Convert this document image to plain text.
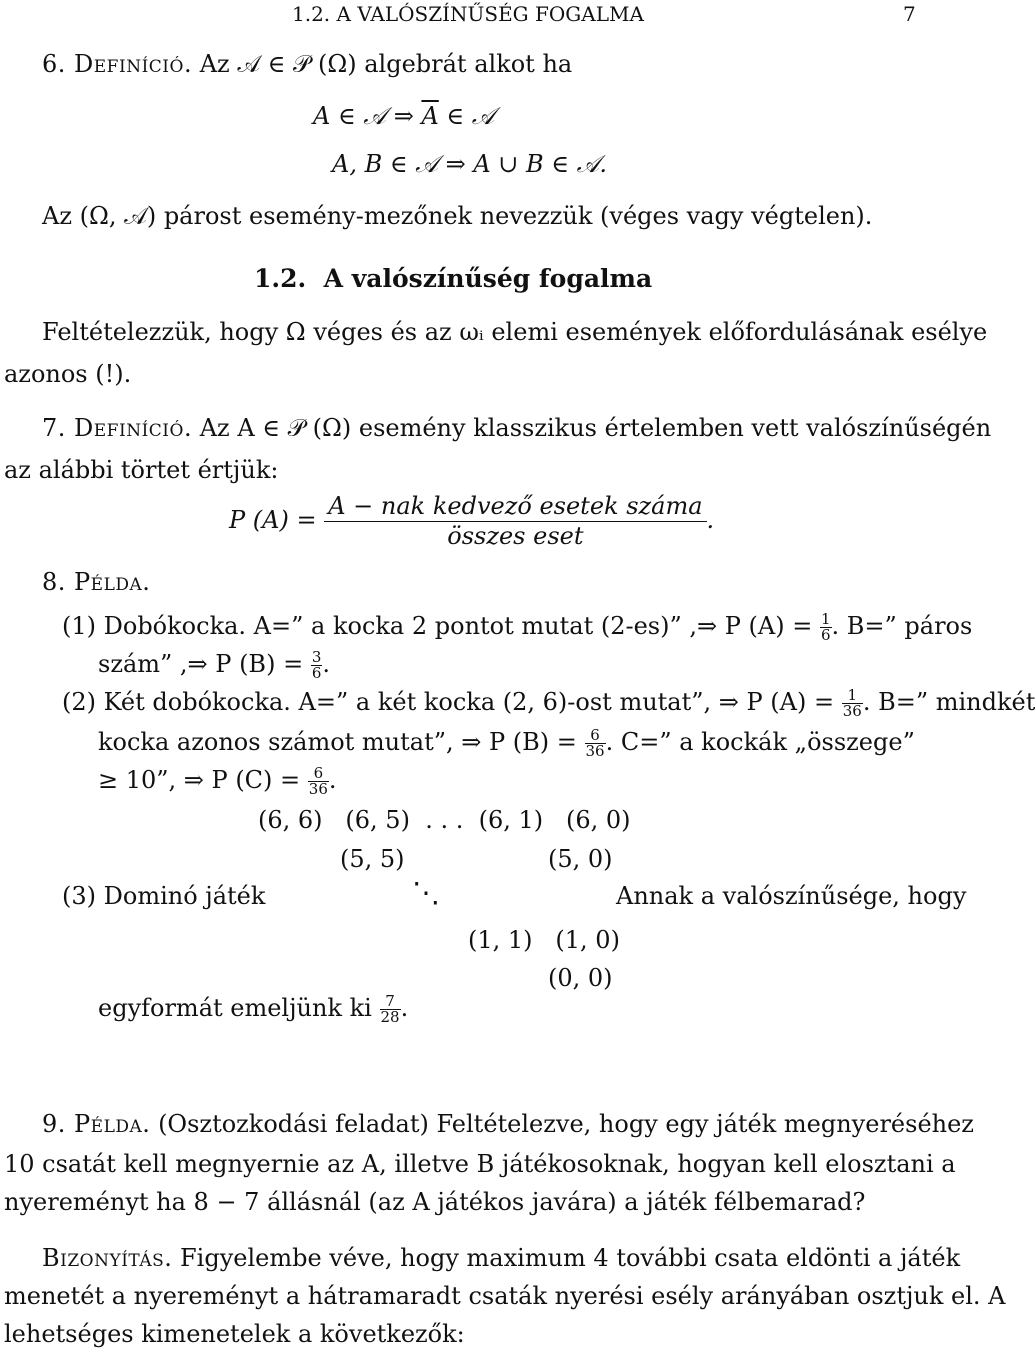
1.2. A VALÓSZÍNŰSÉG FOGALMA	7
6. Definíció. Az 𝒜 ∈ 𝒫 (Ω) algebrát alkot ha
A ∈ 𝒜 ⇒ $\overline{A}$ ∈ 𝒜
A, B ∈ 𝒜 ⇒ A ∪ B ∈ 𝒜.
Az (Ω, 𝒜) párost esemény-mezőnek nevezzük (véges vagy végtelen).
1.2. A valószínűség fogalma
Feltételezzük, hogy Ω véges és az ωᵢ elemi események előfordulásának esélye
azonos (!).
7. Definíció. Az A ∈ 𝒫 (Ω) esemény klasszikus értelemben vett valószínűségén
az alábbi törtet értjük:
P $(A) = \frac{\text{A − nak kedvező esetek száma}}{\text{összes eset}}$ .
8. Példa.
(1) Dobókocka. A=” a kocka 2 pontot mutat (2-es)” ,⇒ P $(A) = \frac{1}{6}$ . B=” páros
szám” ,⇒ P $(B) = \frac{3}{6}$ .
(2) Két dobókocka. A=” a két kocka (2, 6)-ost mutat”, ⇒ P $(A) = \frac{1}{36}$ . B=” mindkét
kocka azonos számot mutat”, ⇒ P $(B) = \frac{6}{36}$ . C=” a kockák „összege”
≥ 10”, ⇒ P $(C) = \frac{6}{36}$ .
(6, 6)   (6, 5)  . . .  (6, 1)   (6, 0)
(5, 5)	(5, 0)
(3) Dominó játék	⋱	Annak a valószínűsége, hogy
(1, 1)   (1, 0)
(0, 0)
egyformát emeljünk ki $\frac{7}{28}$ .
9. Példa. (Osztozkodási feladat) Feltételezve, hogy egy játék megnyeréséhez
10 csatát kell megnyernie az A, illetve B játékosoknak, hogyan kell elosztani a
nyereményt ha 8 − 7 állásnál (az A játékos javára) a játék félbemarad?
Bizonyítás. Figyelembe véve, hogy maximum 4 további csata eldönti a játék
menetét a nyereményt a hátramaradt csaták nyerési esély arányában osztjuk el. A
lehetséges kimenetelek a következők:
